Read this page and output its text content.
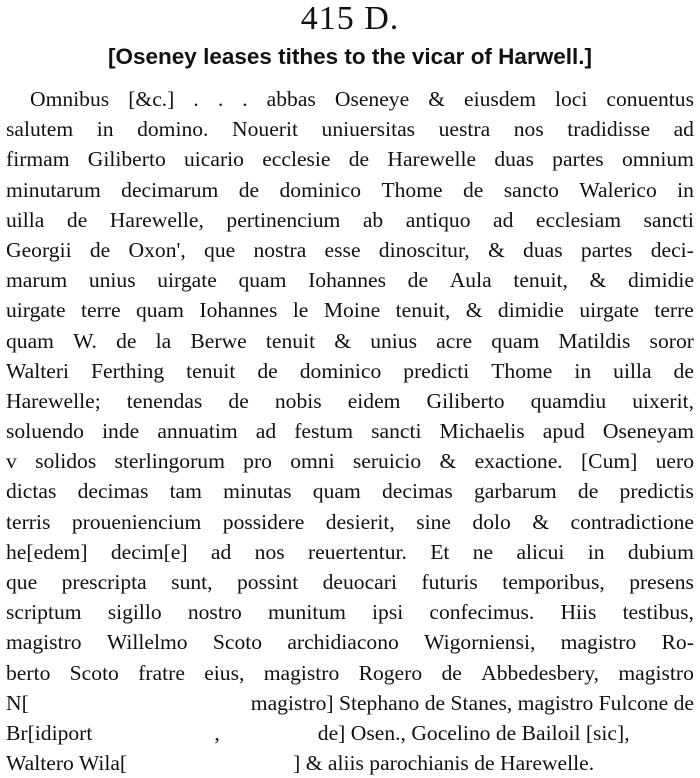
415 D.
[Oseney leases tithes to the vicar of Harwell.]
Omnibus [&c.] . . . abbas Oseneye & eiusdem loci conuentus
salutem in domino. Nouerit uniuersitas uestra nos tradidisse ad
firmam Giliberto uicario ecclesie de Harewelle duas partes omnium
minutarum decimarum de dominico Thome de sancto Walerico in
uilla de Harewelle, pertinencium ab antiquo ad ecclesiam sancti
Georgii de Oxon', que nostra esse dinoscitur, & duas partes deci-
marum unius uirgate quam Iohannes de Aula tenuit, & dimidie
uirgate terre quam Iohannes le Moine tenuit, & dimidie uirgate terre
quam W. de la Berwe tenuit & unius acre quam Matildis soror
Walteri Ferthing tenuit de dominico predicti Thome in uilla de
Harewelle; tenendas de nobis eidem Giliberto quamdiu uixerit,
soluendo inde annuatim ad festum sancti Michaelis apud Oseneyam
v solidos sterlingorum pro omni seruicio & exactione. [Cum] uero
dictas decimas tam minutas quam decimas garbarum de predictis
terris proueniencium possidere desierit, sine dolo & contradictione
he[edem] decim[e] ad nos reuertentur. Et ne alicui in dubium
que prescripta sunt, possint deuocari futuris temporibus, presens
scriptum sigillo nostro munitum ipsi confecimus. Hiis testibus,
magistro Willelmo Scoto archidiacono Wigorniensi, magistro Ro-
berto Scoto fratre eius, magistro Rogero de Abbedesbery, magistro
N[	magistro] Stephano de Stanes, magistro Fulcone de
Br[idiport	,	de] Osen., Gocelino de Bailoil [sic],
Waltero Wila[	] & aliis parochianis de Harewelle.
